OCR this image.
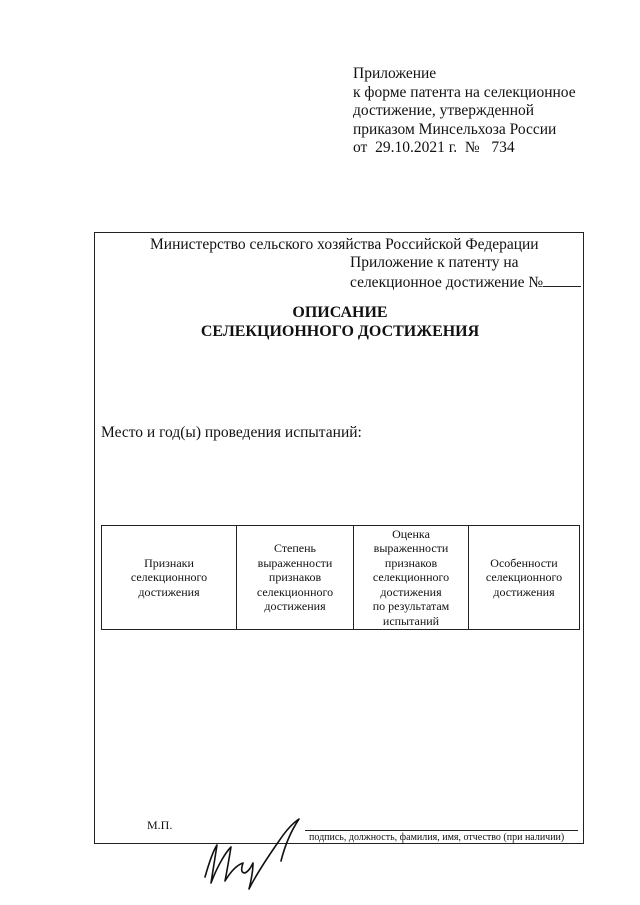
Приложение
к форме патента на селекционное
достижение, утвержденной
приказом Минсельхоза России
от  29.10.2021 г.  №   734
Министерство сельского хозяйства Российской Федерации
Приложение к патенту на
селекционное достижение №
ОПИСАНИЕ
СЕЛЕКЦИОННОГО ДОСТИЖЕНИЯ
Место и год(ы) проведения испытаний:
Признаки
селекционного
достижения

Степень
выраженности
признаков
селекционного
достижения

Оценка
выраженности
признаков
селекционного
достижения
по результатам
испытаний

Особенности
селекционного
достижения
М.П.
подпись, должность, фамилия, имя, отчество (при наличии)
